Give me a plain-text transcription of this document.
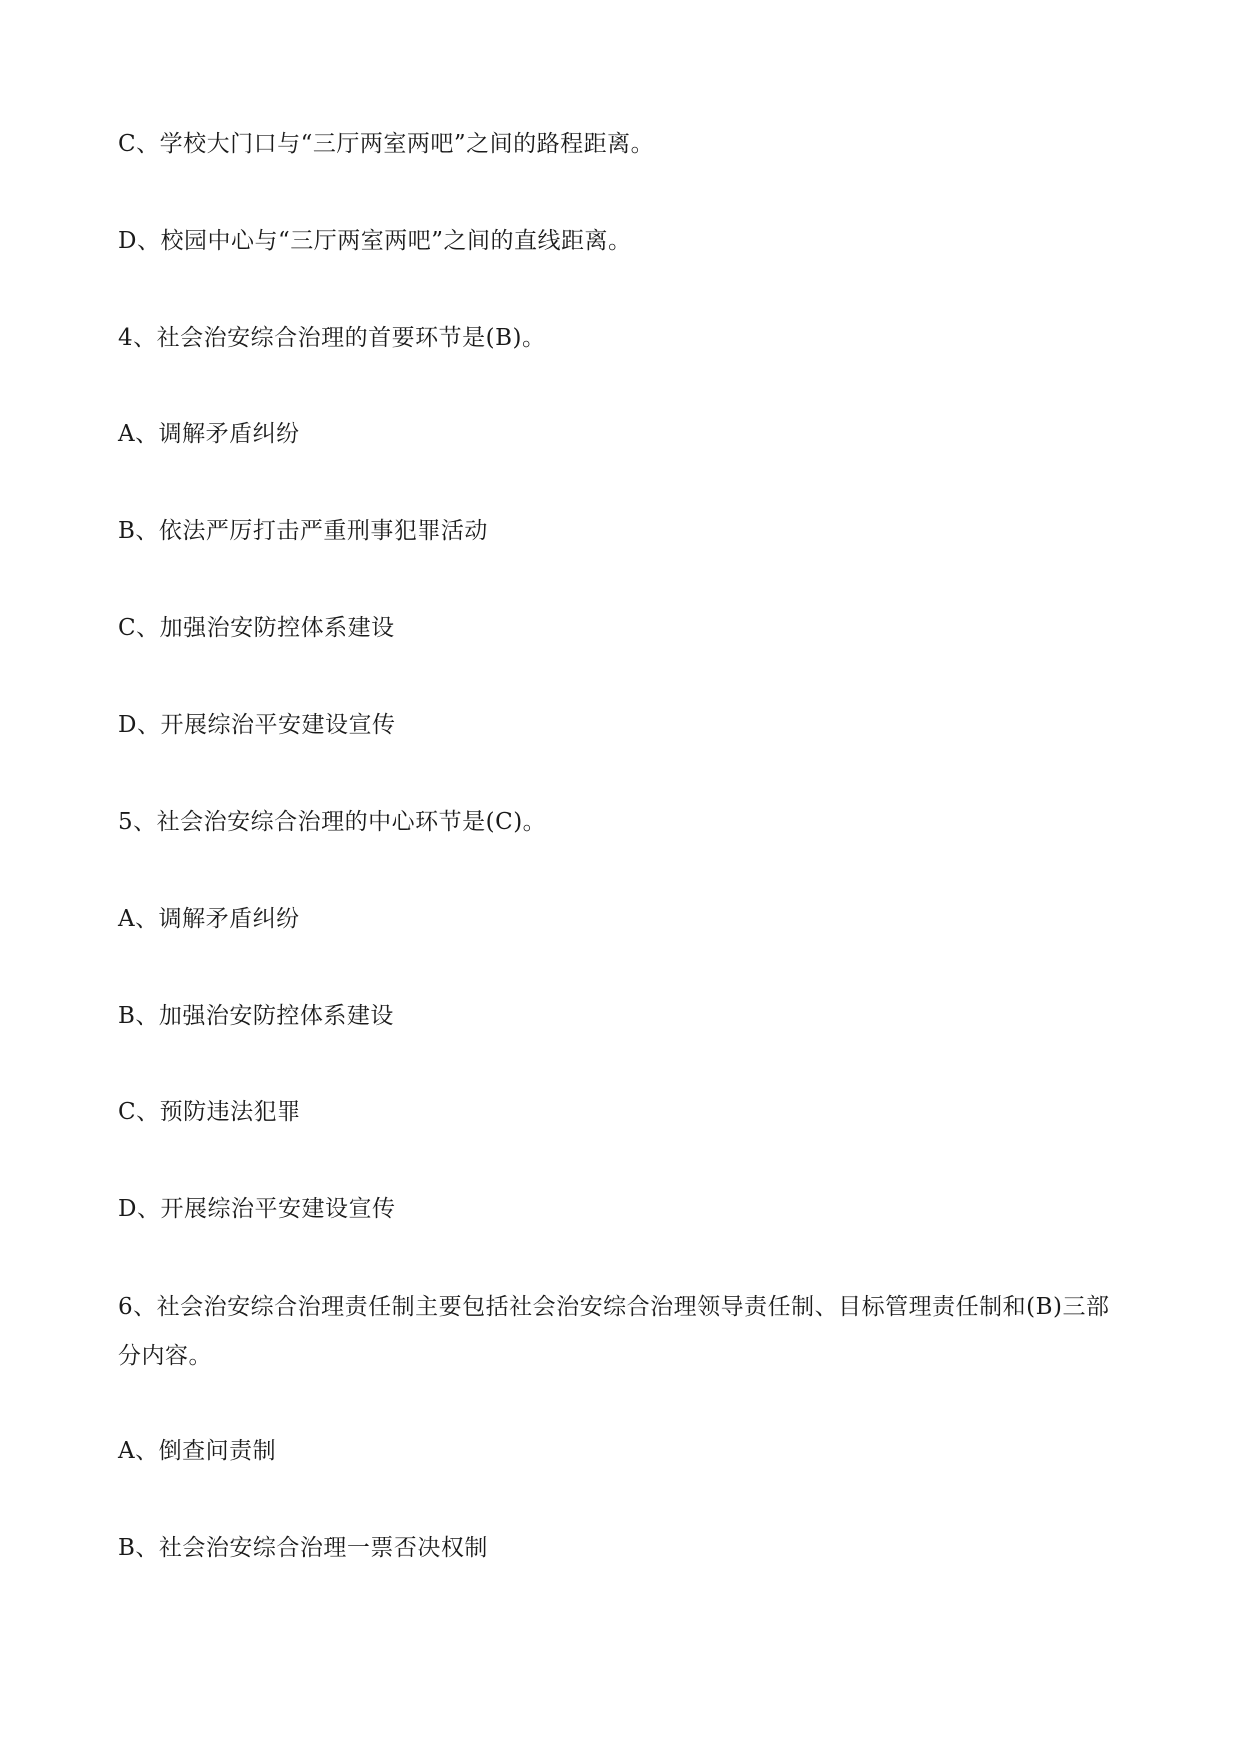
C、学校大门口与“三厅两室两吧”之间的路程距离。
D、校园中心与“三厅两室两吧”之间的直线距离。
4、社会治安综合治理的首要环节是(B)。
A、调解矛盾纠纷
B、依法严厉打击严重刑事犯罪活动
C、加强治安防控体系建设
D、开展综治平安建设宣传
5、社会治安综合治理的中心环节是(C)。
A、调解矛盾纠纷
B、加强治安防控体系建设
C、预防违法犯罪
D、开展综治平安建设宣传
6、社会治安综合治理责任制主要包括社会治安综合治理领导责任制、目标管理责任制和(B)三部分内容。
A、倒查问责制
B、社会治安综合治理一票否决权制
